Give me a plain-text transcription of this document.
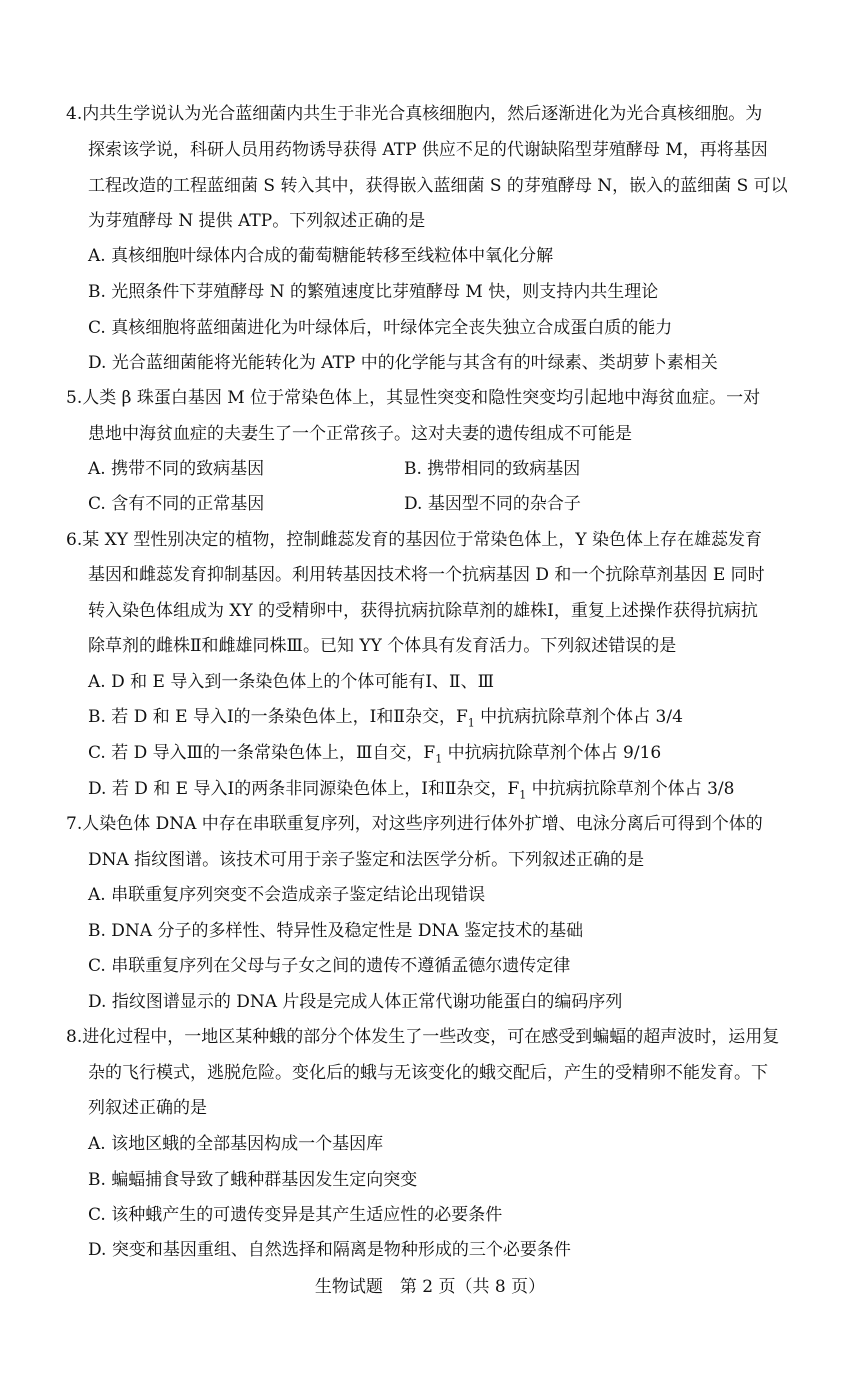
4.内共生学说认为光合蓝细菌内共生于非光合真核细胞内，然后逐渐进化为光合真核细胞。为
探索该学说，科研人员用药物诱导获得 ATP 供应不足的代谢缺陷型芽殖酵母 M，再将基因
工程改造的工程蓝细菌 S 转入其中，获得嵌入蓝细菌 S 的芽殖酵母 N，嵌入的蓝细菌 S 可以
为芽殖酵母 N 提供 ATP。下列叙述正确的是
A. 真核细胞叶绿体内合成的葡萄糖能转移至线粒体中氧化分解
B. 光照条件下芽殖酵母 N 的繁殖速度比芽殖酵母 M 快，则支持内共生理论
C. 真核细胞将蓝细菌进化为叶绿体后，叶绿体完全丧失独立合成蛋白质的能力
D. 光合蓝细菌能将光能转化为 ATP 中的化学能与其含有的叶绿素、类胡萝卜素相关
5.人类 β 珠蛋白基因 M 位于常染色体上，其显性突变和隐性突变均引起地中海贫血症。一对
患地中海贫血症的夫妻生了一个正常孩子。这对夫妻的遗传组成不可能是
A. 携带不同的致病基因	B. 携带相同的致病基因
C. 含有不同的正常基因	D. 基因型不同的杂合子
6.某 XY 型性别决定的植物，控制雌蕊发育的基因位于常染色体上，Y 染色体上存在雄蕊发育
基因和雌蕊发育抑制基因。利用转基因技术将一个抗病基因 D 和一个抗除草剂基因 E 同时
转入染色体组成为 XY 的受精卵中，获得抗病抗除草剂的雄株Ⅰ，重复上述操作获得抗病抗
除草剂的雌株Ⅱ和雌雄同株Ⅲ。已知 YY 个体具有发育活力。下列叙述错误的是
A. D 和 E 导入到一条染色体上的个体可能有Ⅰ、Ⅱ、Ⅲ
B. 若 D 和 E 导入Ⅰ的一条染色体上，Ⅰ和Ⅱ杂交，$F_1$ 中抗病抗除草剂个体占 3/4
C. 若 D 导入Ⅲ的一条常染色体上，Ⅲ自交，$F_1$ 中抗病抗除草剂个体占 9/16
D. 若 D 和 E 导入Ⅰ的两条非同源染色体上，Ⅰ和Ⅱ杂交，$F_1$ 中抗病抗除草剂个体占 3/8
7.人染色体 DNA 中存在串联重复序列，对这些序列进行体外扩增、电泳分离后可得到个体的
DNA 指纹图谱。该技术可用于亲子鉴定和法医学分析。下列叙述正确的是
A. 串联重复序列突变不会造成亲子鉴定结论出现错误
B. DNA 分子的多样性、特异性及稳定性是 DNA 鉴定技术的基础
C. 串联重复序列在父母与子女之间的遗传不遵循孟德尔遗传定律
D. 指纹图谱显示的 DNA 片段是完成人体正常代谢功能蛋白的编码序列
8.进化过程中，一地区某种蛾的部分个体发生了一些改变，可在感受到蝙蝠的超声波时，运用复
杂的飞行模式，逃脱危险。变化后的蛾与无该变化的蛾交配后，产生的受精卵不能发育。下
列叙述正确的是
A. 该地区蛾的全部基因构成一个基因库
B. 蝙蝠捕食导致了蛾种群基因发生定向突变
C. 该种蛾产生的可遗传变异是其产生适应性的必要条件
D. 突变和基因重组、自然选择和隔离是物种形成的三个必要条件
生物试题　第 2 页（共 8 页）
